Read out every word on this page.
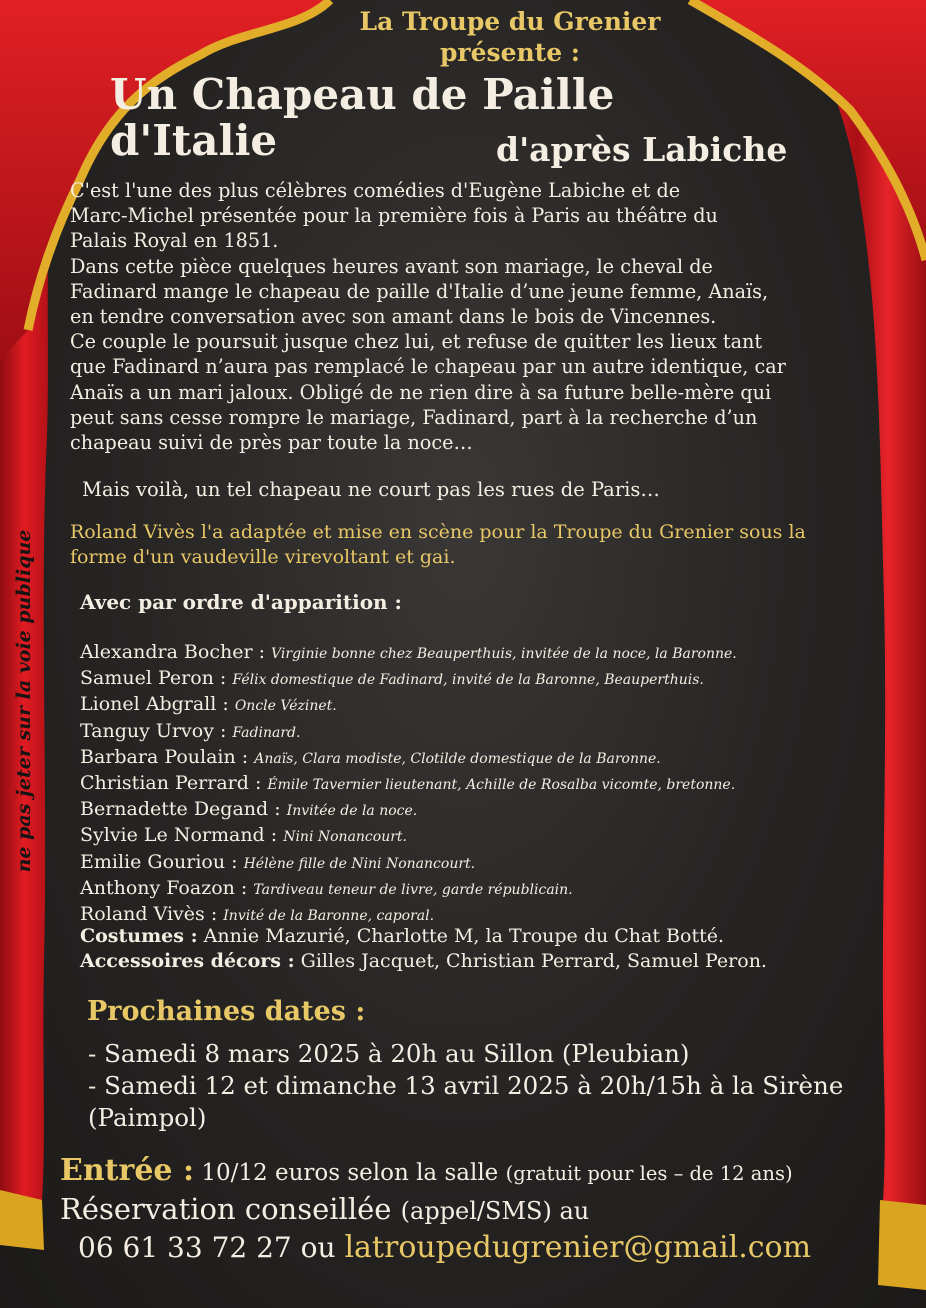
La Troupe du Grenier
présente :
Un Chapeau de Paille
d'Italie	d'après Labiche

C'est l'une des plus célèbres comédies d'Eugène Labiche et de

Marc-Michel présentée pour la première fois à Paris au théâtre du

Palais Royal en 1851.

Dans cette pièce quelques heures avant son mariage, le cheval de

Fadinard mange le chapeau de paille d'Italie d’une jeune femme, Anaïs,

en tendre conversation avec son amant dans le bois de Vincennes.

Ce couple le poursuit jusque chez lui, et refuse de quitter les lieux tant

que Fadinard n’aura pas remplacé le chapeau par un autre identique, car

Anaïs a un mari jaloux. Obligé de ne rien dire à sa future belle-mère qui

peut sans cesse rompre le mariage, Fadinard, part à la recherche d’un

chapeau suivi de près par toute la noce…

Mais voilà, un tel chapeau ne court pas les rues de Paris…
Roland Vivès l'a adaptée et mise en scène pour la Troupe du Grenier sous la
forme d'un vaudeville virevoltant et gai.
Avec par ordre d'apparition :
Alexandra Bocher : Virginie bonne chez Beauperthuis, invitée de la noce, la Baronne.
Samuel Peron : Félix domestique de Fadinard, invité de la Baronne, Beauperthuis.
Lionel Abgrall : Oncle Vézinet.
Tanguy Urvoy : Fadinard.
Barbara Poulain : Anaïs, Clara modiste, Clotilde domestique de la Baronne.
Christian Perrard : Émile Tavernier lieutenant, Achille de Rosalba vicomte, bretonne.
Bernadette Degand : Invitée de la noce.
Sylvie Le Normand : Nini Nonancourt.
Emilie Gouriou : Hélène fille de Nini Nonancourt.
Anthony Foazon : Tardiveau teneur de livre, garde républicain.
Roland Vivès : Invité de la Baronne, caporal.
Costumes : Annie Mazurié, Charlotte M, la Troupe du Chat Botté.
Accessoires décors : Gilles Jacquet, Christian Perrard, Samuel Peron.
Prochaines dates :
- Samedi 8 mars 2025 à 20h au Sillon (Pleubian)
- Samedi 12 et dimanche 13 avril 2025 à 20h/15h à la Sirène
(Paimpol)
Entrée : 10/12 euros selon la salle (gratuit pour les – de 12 ans)
Réservation conseillée (appel/SMS) au
06 61 33 72 27 ou latroupedugrenier@gmail.com
ne pas jeter sur la voie publique
